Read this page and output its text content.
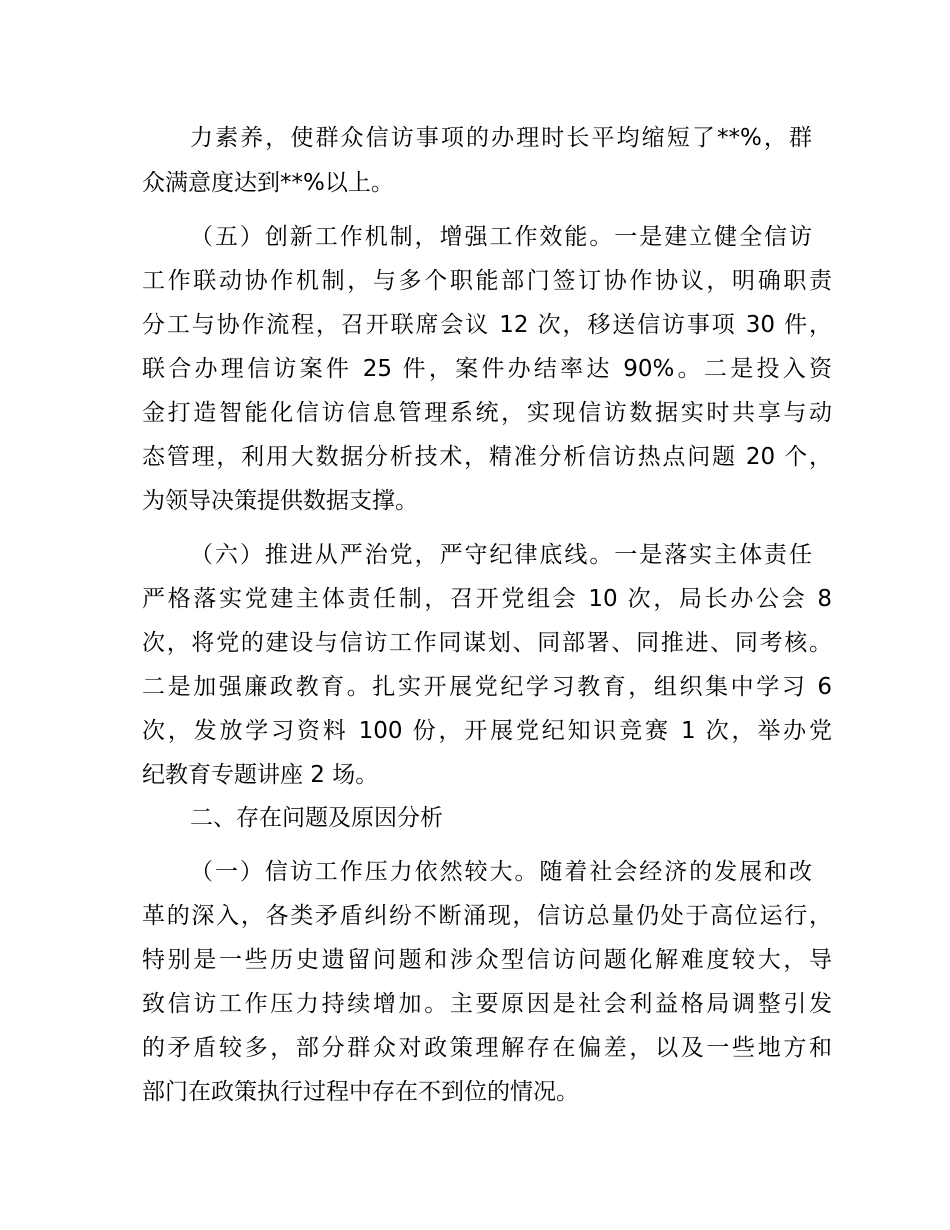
力素养，使群众信访事项的办理时长平均缩短了**%，群
众满意度达到**%以上。
（五）创新工作机制，增强工作效能。一是建立健全信访
工作联动协作机制，与多个职能部门签订协作协议，明确职责
分工与协作流程，召开联席会议 12 次，移送信访事项 30 件，
联合办理信访案件 25 件，案件办结率达 90%。二是投入资
金打造智能化信访信息管理系统，实现信访数据实时共享与动
态管理，利用大数据分析技术，精准分析信访热点问题 20 个，
为领导决策提供数据支撑。
（六）推进从严治党，严守纪律底线。一是落实主体责任
严格落实党建主体责任制，召开党组会 10 次，局长办公会 8
次，将党的建设与信访工作同谋划、同部署、同推进、同考核。
二是加强廉政教育。扎实开展党纪学习教育，组织集中学习 6
次，发放学习资料 100 份，开展党纪知识竞赛 1 次，举办党
纪教育专题讲座 2 场。
二、存在问题及原因分析
（一）信访工作压力依然较大。随着社会经济的发展和改
革的深入，各类矛盾纠纷不断涌现，信访总量仍处于高位运行，
特别是一些历史遗留问题和涉众型信访问题化解难度较大，导
致信访工作压力持续增加。主要原因是社会利益格局调整引发
的矛盾较多，部分群众对政策理解存在偏差，以及一些地方和
部门在政策执行过程中存在不到位的情况。
